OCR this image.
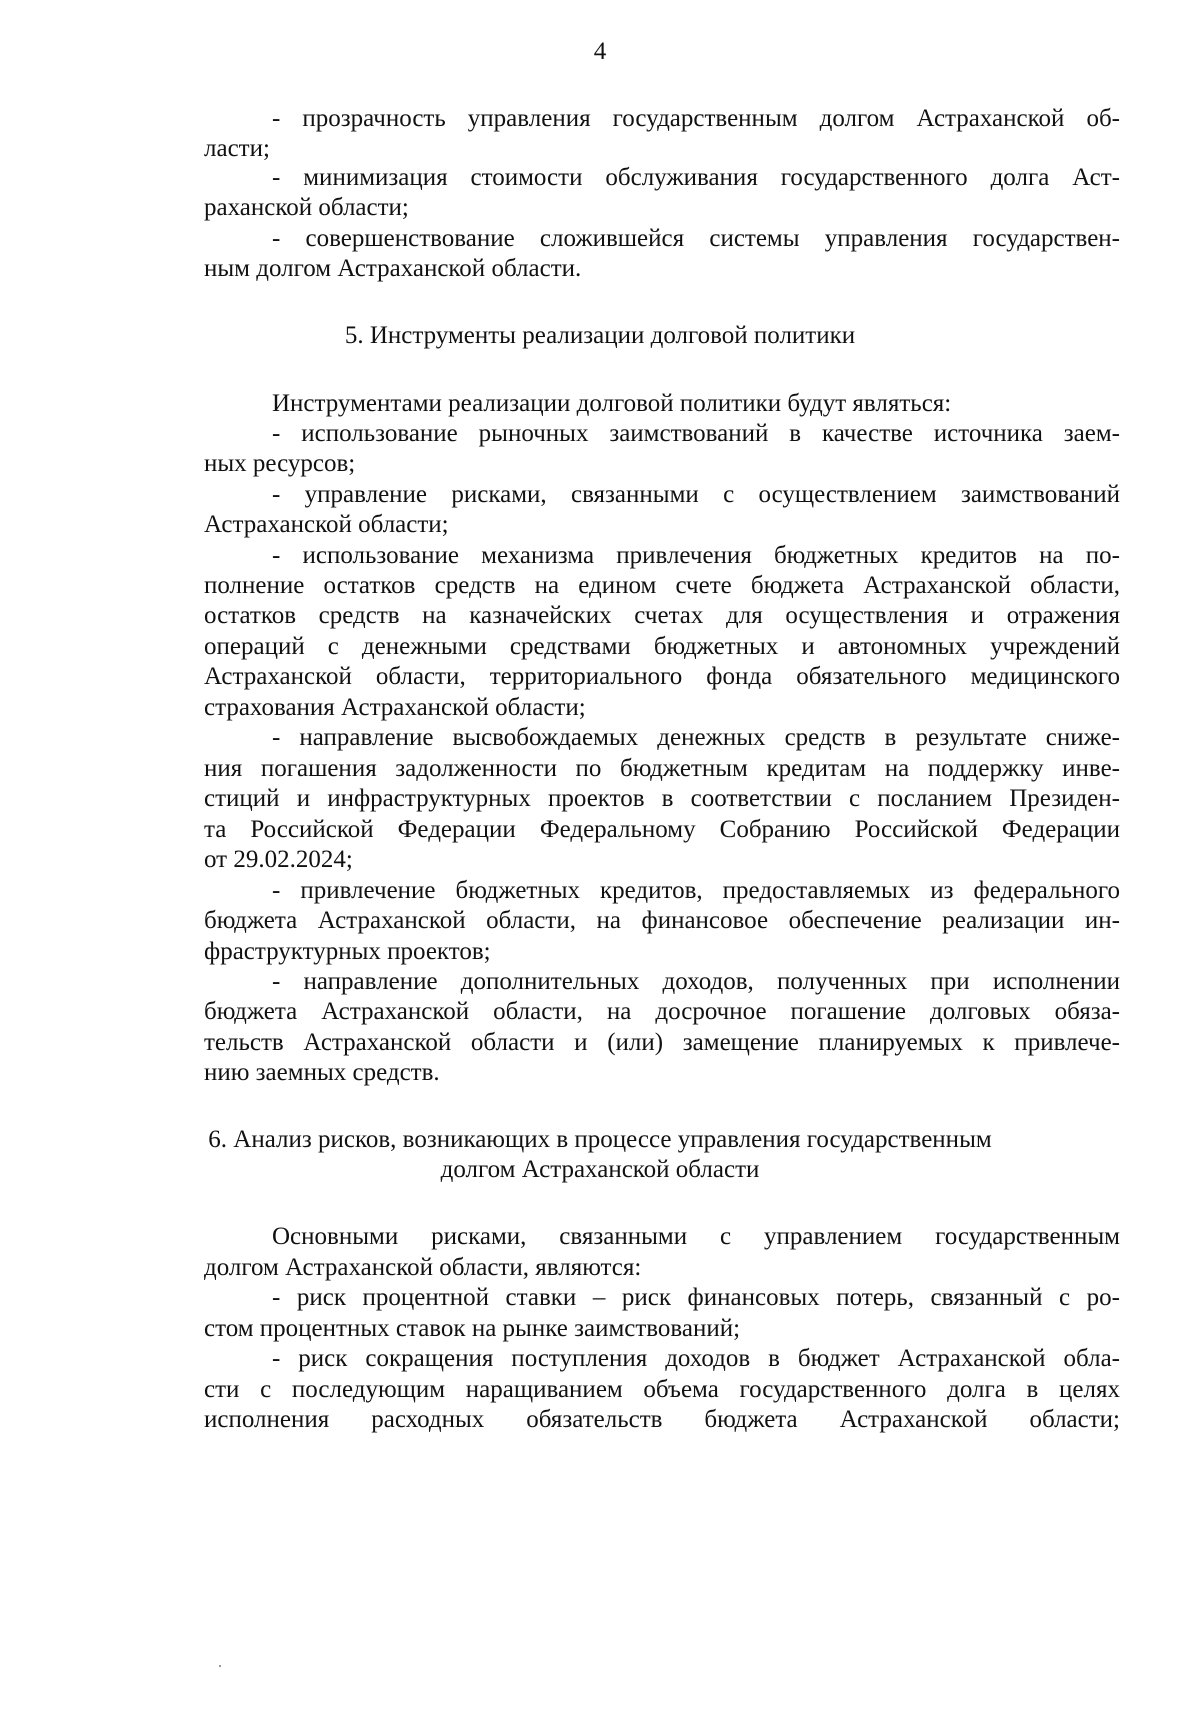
4
- прозрачность управления государственным долгом Астраханской об-
ласти;
- минимизация стоимости обслуживания государственного долга Аст-
раханской области;
- совершенствование сложившейся системы управления государствен-
ным долгом Астраханской области.
5. Инструменты реализации долговой политики
Инструментами реализации долговой политики будут являться:
- использование рыночных заимствований в качестве источника заем-
ных ресурсов;
- управление рисками, связанными с осуществлением заимствований
Астраханской области;
- использование механизма привлечения бюджетных кредитов на по-
полнение остатков средств на едином счете бюджета Астраханской области,
остатков средств на казначейских счетах для осуществления и отражения
операций с денежными средствами бюджетных и автономных учреждений
Астраханской области, территориального фонда обязательного медицинского
страхования Астраханской области;
- направление высвобождаемых денежных средств в результате сниже-
ния погашения задолженности по бюджетным кредитам на поддержку инве-
стиций и инфраструктурных проектов в соответствии с посланием Президен-
та Российской Федерации Федеральному Собранию Российской Федерации
от 29.02.2024;
- привлечение бюджетных кредитов, предоставляемых из федерального
бюджета Астраханской области, на финансовое обеспечение реализации ин-
фраструктурных проектов;
- направление дополнительных доходов, полученных при исполнении
бюджета Астраханской области, на досрочное погашение долговых обяза-
тельств Астраханской области и (или) замещение планируемых к привлече-
нию заемных средств.
6. Анализ рисков, возникающих в процессе управления государственным
долгом Астраханской области
Основными рисками, связанными с управлением государственным
долгом Астраханской области, являются:
- риск процентной ставки – риск финансовых потерь, связанный с ро-
стом процентных ставок на рынке заимствований;
- риск сокращения поступления доходов в бюджет Астраханской обла-
сти с последующим наращиванием объема государственного долга в целях
исполнения расходных обязательств бюджета Астраханской области;
